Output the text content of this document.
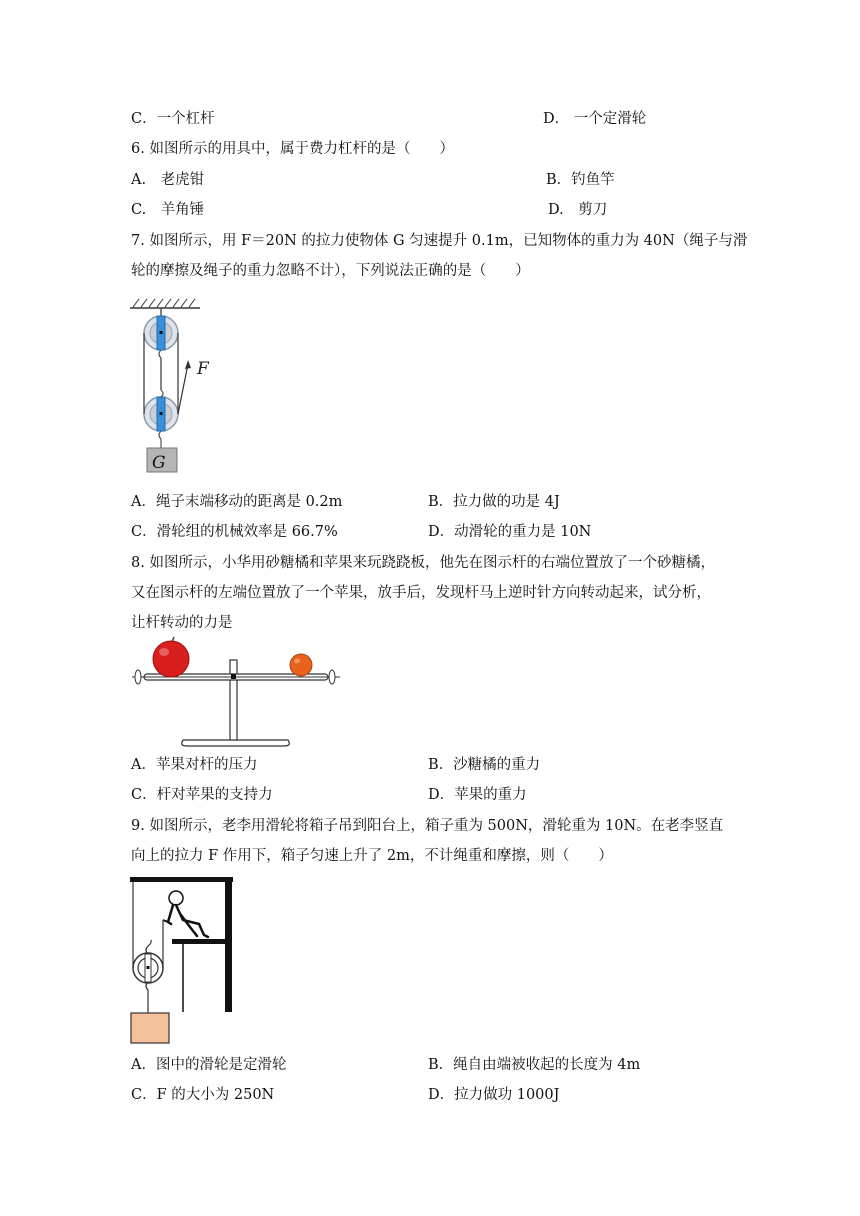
C．一个杠杆	D． 一个定滑轮
6. 如图所示的用具中，属于费力杠杆的是（　　）
A.　老虎钳	B．钓鱼竿
C.　羊角锤	D.　剪刀
7. 如图所示，用 F＝20N 的拉力使物体 G 匀速提升 0.1m，已知物体的重力为 40N（绳子与滑
轮的摩擦及绳子的重力忽略不计），下列说法正确的是（　　）
F
G
A．绳子末端移动的距离是 0.2m	B．拉力做的功是 4J
C．滑轮组的机械效率是 66.7%	D．动滑轮的重力是 10N
8. 如图所示，小华用砂糖橘和苹果来玩跷跷板，他先在图示杆的右端位置放了一个砂糖橘，
又在图示杆的左端位置放了一个苹果，放手后，发现杆马上逆时针方向转动起来，试分析，
让杆转动的力是
A．苹果对杆的压力	B．沙糖橘的重力
C．杆对苹果的支持力	D．苹果的重力
9. 如图所示，老李用滑轮将箱子吊到阳台上，箱子重为 500N，滑轮重为 10N。在老李竖直
向上的拉力 F 作用下，箱子匀速上升了 2m，不计绳重和摩擦，则（　　）
A．图中的滑轮是定滑轮	B．绳自由端被收起的长度为 4m
C．F 的大小为 250N	D．拉力做功 1000J
